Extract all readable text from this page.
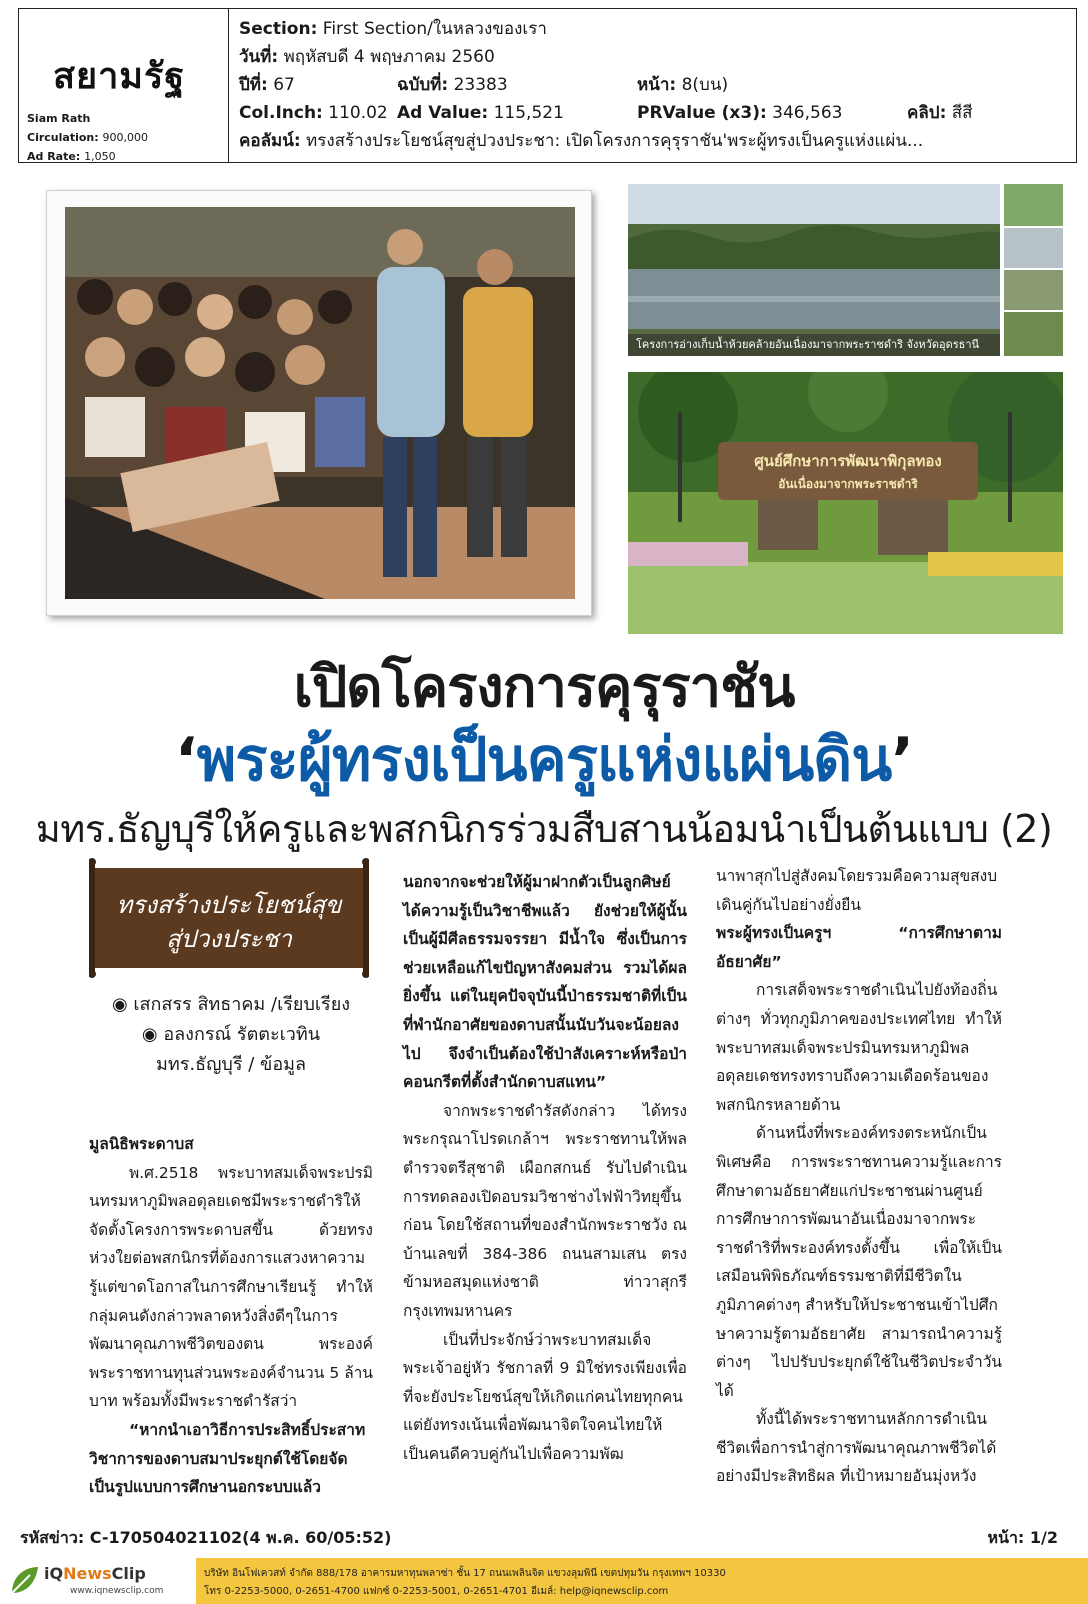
สยามรัฐ
Siam Rath
Circulation: 900,000
Ad Rate: 1,050
Section: First Section/ในหลวงของเรา
วันที่: พฤหัสบดี 4 พฤษภาคม 2560
ปีที่: 67	ฉบับที่: 23383	หน้า: 8(บน)
Col.Inch: 110.02 Ad Value: 115,521	PRValue (x3): 346,563	คลิป: สีสี
คอลัมน์: ทรงสร้างประโยชน์สุขสู่ปวงประชา: เปิดโครงการคุรุราชัน'พระผู้ทรงเป็นครูแห่งแผ่น...
โครงการอ่างเก็บน้ำห้วยคล้ายอันเนื่องมาจากพระราชดำริ จังหวัดอุดรธานี
ศูนย์ศึกษาการพัฒนาพิกุลทอง
อันเนื่องมาจากพระราชดำริ
เปิดโครงการคุรุราชัน
‘พระผู้ทรงเป็นครูแห่งแผ่นดิน’
มทร.ธัญบุรีให้ครูและพสกนิกรร่วมสืบสานน้อมนำเป็นต้นแบบ (2)
ทรงสร้างประโยชน์สุข
สู่ปวงประชา
◉ เสกสรร สิทธาคม /เรียบเรียง
◉ อลงกรณ์ รัตตะเวทิน
มทร.ธัญบุรี / ข้อมูล

มูลนิธิพระดาบส

พ.ศ.2518 พระบาทสมเด็จพระปรมินทรมหาภูมิพลอดุลยเดชมีพระราชดำริให้จัดตั้งโครงการพระดาบสขึ้น ด้วยทรงห่วงใยต่อพสกนิกรที่ต้องการแสวงหาความรู้แต่ขาดโอกาสในการศึกษาเรียนรู้ ทำให้กลุ่มคนดังกล่าวพลาดหวังสิ่งดีๆในการพัฒนาคุณภาพชีวิตของตน พระองค์พระราชทานทุนส่วนพระองค์จำนวน 5 ล้านบาท พร้อมทั้งมีพระราชดำรัสว่า

“หากนำเอาวิธีการประสิทธิ์ประสาทวิชาการของดาบสมาประยุกต์ใช้โดยจัดเป็นรูปแบบการศึกษานอกระบบแล้ว

นอกจากจะช่วยให้ผู้มาฝากตัวเป็นลูกศิษย์ได้ความรู้เป็นวิชาชีพแล้ว ยังช่วยให้ผู้นั้นเป็นผู้มีศีลธรรมจรรยา มีน้ำใจ ซึ่งเป็นการช่วยเหลือแก้ไขปัญหาสังคมส่วน รวมได้ผลยิ่งขึ้น แต่ในยุคปัจจุบันนี้ป่าธรรมชาติที่เป็นที่พำนักอาศัยของดาบสนั้นนับวันจะน้อยลงไป จึงจำเป็นต้องใช้ป่าสังเคราะห์หรือป่าคอนกรีตที่ตั้งสำนักดาบสแทน”

จากพระราชดำรัสดังกล่าว ได้ทรงพระกรุณาโปรดเกล้าฯ พระราชทานให้พลตำรวจตรีสุชาติ เผือกสกนธ์ รับไปดำเนินการทดลองเปิดอบรมวิชาช่างไฟฟ้าวิทยุขึ้นก่อน โดยใช้สถานที่ของสำนักพระราชวัง ณ บ้านเลขที่ 384-386 ถนนสามเสน ตรงข้ามหอสมุดแห่งชาติ ท่าวาสุกรี กรุงเทพมหานคร

เป็นที่ประจักษ์ว่าพระบาทสมเด็จพระเจ้าอยู่หัว รัชกาลที่ 9 มิใช่ทรงเพียงเพื่อที่จะยังประโยชน์สุขให้เกิดแก่คนไทยทุกคน แต่ยังทรงเน้นเพื่อพัฒนาจิตใจคนไทยให้เป็นคนดีควบคู่กันไปเพื่อความพัฒ

นาพาสุกไปสู่สังคมโดยรวมคือความสุขสงบเดินคู่กันไปอย่างยั่งยืน

พระผู้ทรงเป็นครูฯ “การศึกษาตามอัธยาศัย”

การเสด็จพระราชดำเนินไปยังท้องถิ่นต่างๆ ทั่วทุกภูมิภาคของประเทศไทย ทำให้พระบาทสมเด็จพระปรมินทรมหาภูมิพลอดุลยเดชทรงทราบถึงความเดือดร้อนของพสกนิกรหลายด้าน

ด้านหนึ่งที่พระองค์ทรงตระหนักเป็นพิเศษคือ การพระราชทานความรู้และการศึกษาตามอัธยาศัยแก่ประชาชนผ่านศูนย์การศึกษาการพัฒนาอันเนื่องมาจากพระราชดำริที่พระองค์ทรงตั้งขึ้น เพื่อให้เป็นเสมือนพิพิธภัณฑ์ธรรมชาติที่มีชีวิตในภูมิภาคต่างๆ สำหรับให้ประชาชนเข้าไปศึก

ษาความรู้ตามอัธยาศัย สามารถนำความรู้ต่างๆ ไปปรับประยุกต์ใช้ในชีวิตประจำวันได้

ทั้งนี้ได้พระราชทานหลักการดำเนินชีวิตเพื่อการนำสู่การพัฒนาคุณภาพชีวิตได้อย่างมีประสิทธิผล ที่เป้าหมายอันมุ่งหวัง

รหัสข่าว: C-170504021102(4 พ.ค. 60/05:52)	หน้า: 1/2
iQNewsClip
www.iqnewsclip.com
บริษัท อินโฟเควสท์ จำกัด 888/178 อาคารมหาทุนพลาซ่า ชั้น 17 ถนนเพลินจิต แขวงลุมพินี เขตปทุมวัน กรุงเทพฯ 10330
โทร 0-2253-5000, 0-2651-4700 แฟกซ์ 0-2253-5001, 0-2651-4701 อีเมล์: help@iqnewsclip.com
